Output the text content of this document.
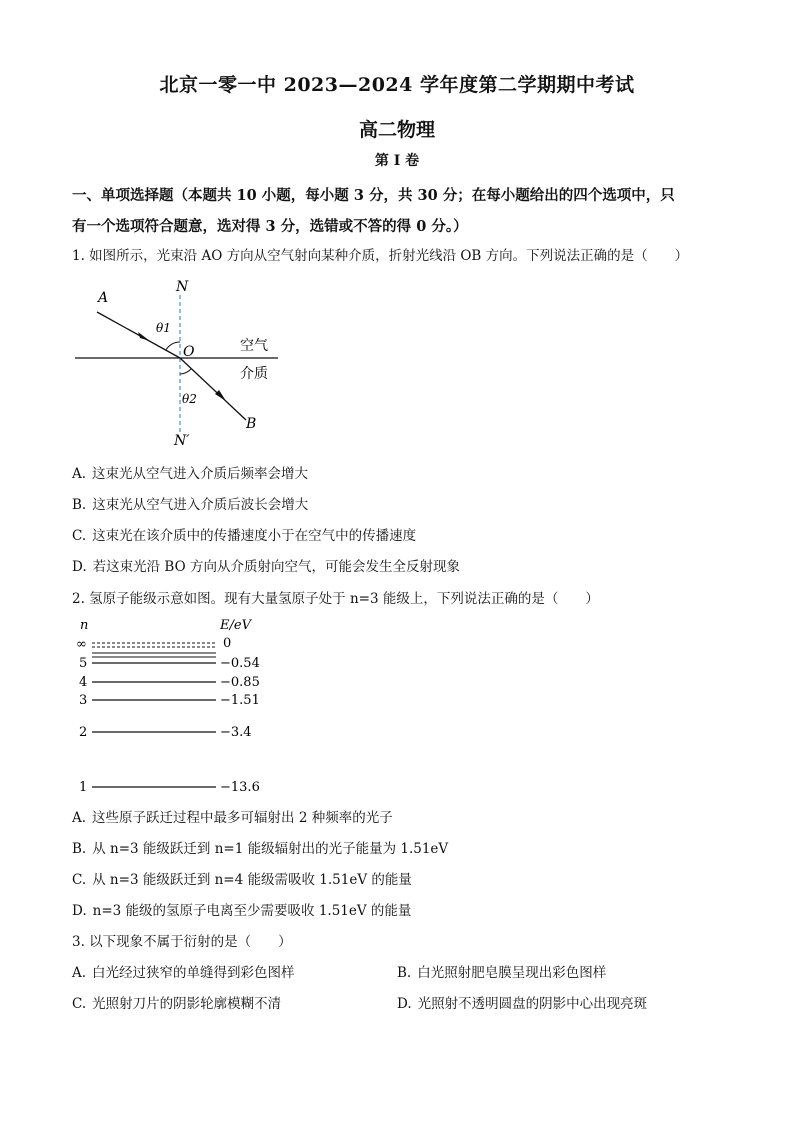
北京一零一中 2023—2024 学年度第二学期期中考试
高二物理
第 I 卷
一、单项选择题（本题共 10 小题，每小题 3 分，共 30 分；在每小题给出的四个选项中，只
有一个选项符合题意，选对得 3 分，选错或不答的得 0 分。）
1. 如图所示，光束沿 AO 方向从空气射向某种介质，折射光线沿 OB 方向。下列说法正确的是（　　）
A
N
O
B
N′
θ1
θ2
空气
介质
A. 这束光从空气进入介质后频率会增大
B. 这束光从空气进入介质后波长会增大
C. 这束光在该介质中的传播速度小于在空气中的传播速度
D. 若这束光沿 BO 方向从介质射向空气，可能会发生全反射现象
2. 氢原子能级示意如图。现有大量氢原子处于 n=3 能级上，下列说法正确的是（　　）
n	E/eV
∞	0
5	−0.54
4	−0.85
3	−1.51
2	−3.4
1	−13.6
A. 这些原子跃迁过程中最多可辐射出 2 种频率的光子
B. 从 n=3 能级跃迁到 n=1 能级辐射出的光子能量为 1.51eV
C. 从 n=3 能级跃迁到 n=4 能级需吸收 1.51eV 的能量
D. n=3 能级的氢原子电离至少需要吸收 1.51eV 的能量
3. 以下现象不属于衍射的是（　　）
A. 白光经过狭窄的单缝得到彩色图样	B. 白光照射肥皂膜呈现出彩色图样
C. 光照射刀片的阴影轮廓模糊不清	D. 光照射不透明圆盘的阴影中心出现亮斑
